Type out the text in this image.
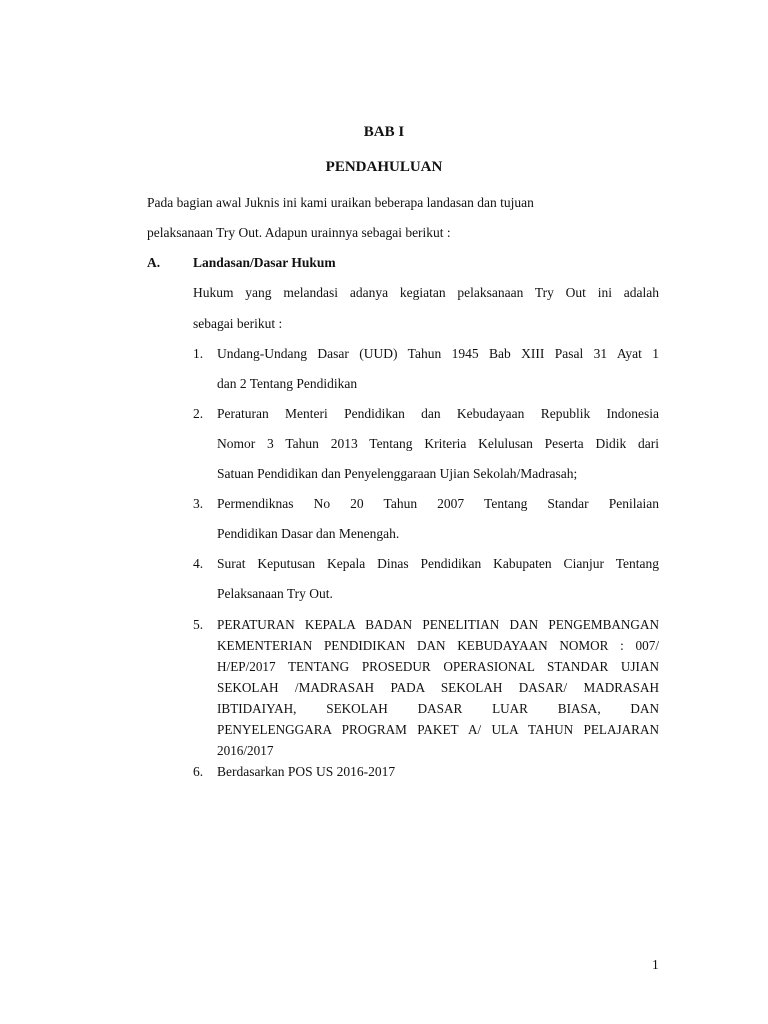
BAB I

PENDAHULUAN

Pada bagian awal Juknis ini kami uraikan beberapa landasan dan tujuan

pelaksanaan Try Out. Adapun urainnya sebagai berikut :

A. Landasan/Dasar Hukum

Hukum yang melandasi adanya kegiatan pelaksanaan Try Out ini adalah

sebagai berikut :

1. Undang-Undang Dasar (UUD) Tahun 1945 Bab XIII Pasal 31 Ayat 1

dan 2 Tentang Pendidikan

2. Peraturan Menteri Pendidikan dan Kebudayaan Republik Indonesia

Nomor 3 Tahun 2013 Tentang Kriteria Kelulusan Peserta Didik dari

Satuan Pendidikan dan Penyelenggaraan Ujian Sekolah/Madrasah;

3. Permendiknas No 20 Tahun 2007 Tentang Standar Penilaian

Pendidikan Dasar dan Menengah.

4. Surat Keputusan Kepala Dinas Pendidikan Kabupaten Cianjur Tentang

Pelaksanaan Try Out.

5. PERATURAN KEPALA BADAN PENELITIAN DAN PENGEMBANGAN

KEMENTERIAN PENDIDIKAN DAN KEBUDAYAAN NOMOR : 007/

H/EP/2017 TENTANG PROSEDUR OPERASIONAL STANDAR UJIAN

SEKOLAH /MADRASAH PADA SEKOLAH DASAR/ MADRASAH

IBTIDAIYAH, SEKOLAH DASAR LUAR BIASA, DAN

PENYELENGGARA PROGRAM PAKET A/ ULA TAHUN PELAJARAN

2016/2017

6. Berdasarkan POS US 2016-2017

1
